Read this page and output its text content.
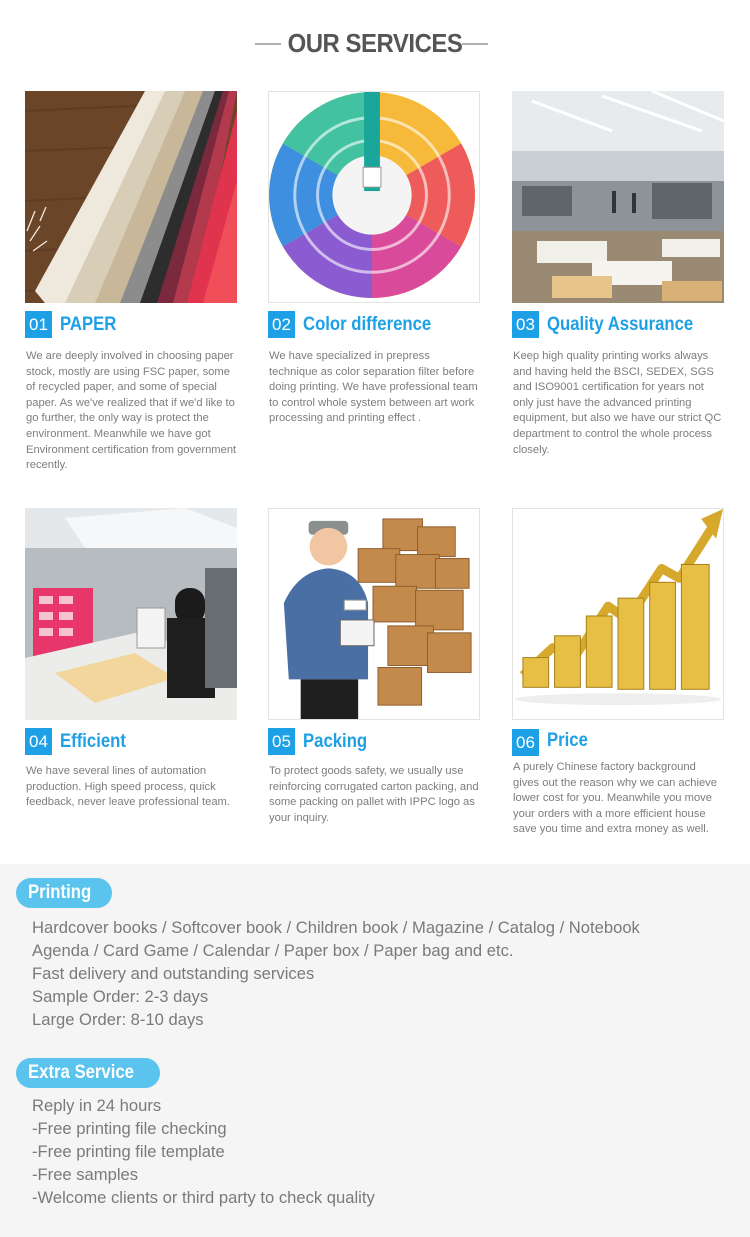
OUR SERVICES
01 PAPER
We are deeply involved in choosing paper stock, mostly are using FSC paper, some of recycled paper, and some of special paper. As we've realized that if we'd like to go further, the only way is protect the environment. Meanwhile we have got Environment certification from government recently.
02 Color difference
We have specialized in prepress technique as color separation filter before doing printing. We have professional team to control whole system between art work processing and printing effect .
03 Quality Assurance
Keep high quality printing works always and having held the BSCI, SEDEX, SGS and ISO9001 certification for years not only just have the advanced printing equipment, but also we have our strict QC department to control the whole process closely.
04 Efficient
We have several lines of automation production. High speed process, quick feedback, never leave professional team.
05 Packing
To protect goods safety, we usually use reinforcing corrugated carton packing, and some packing on pallet with IPPC logo as your inquiry.
06 Price
A purely Chinese factory background gives out the reason why we can achieve lower cost for you. Meanwhile you move your orders with a more efficient house save you time and extra money as well.
Printing
Hardcover books / Softcover book / Children book / Magazine / Catalog / Notebook
Agenda / Card Game / Calendar / Paper box / Paper bag and etc.
Fast delivery and outstanding services
Sample Order: 2-3 days
Large Order: 8-10 days
Extra Service
Reply in 24 hours
-Free printing file checking
-Free printing file template
-Free samples
-Welcome clients or third party to check quality
